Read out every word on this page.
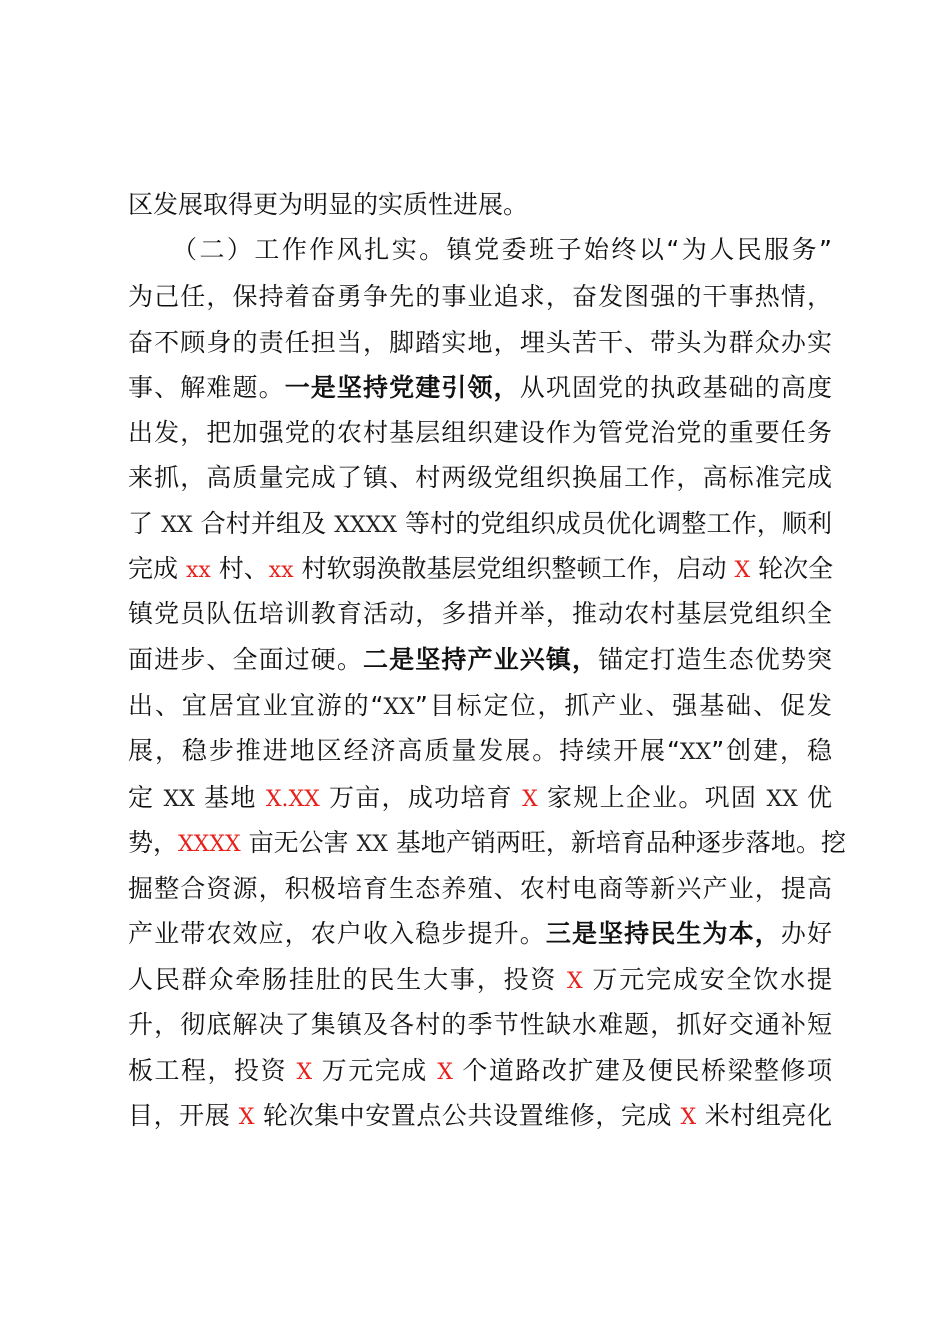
区发展取得更为明显的实质性进展。
（二）工作作风扎实。镇党委班子始终以“为人民服务”
为己任，保持着奋勇争先的事业追求，奋发图强的干事热情，
奋不顾身的责任担当，脚踏实地，埋头苦干、带头为群众办实
事、解难题。一是坚持党建引领，从巩固党的执政基础的高度
出发，把加强党的农村基层组织建设作为管党治党的重要任务
来抓，高质量完成了镇、村两级党组织换届工作，高标准完成
了 XX 合村并组及 XXXX 等村的党组织成员优化调整工作，顺利
完成 xx 村、xx 村软弱涣散基层党组织整顿工作，启动 X 轮次全
镇党员队伍培训教育活动，多措并举，推动农村基层党组织全
面进步、全面过硬。二是坚持产业兴镇，锚定打造生态优势突
出、宜居宜业宜游的“XX”目标定位，抓产业、强基础、促发
展，稳步推进地区经济高质量发展。持续开展“XX”创建，稳
定 XX 基地 X.XX 万亩，成功培育 X 家规上企业。巩固 XX 优
势，XXXX 亩无公害 XX 基地产销两旺，新培育品种逐步落地。挖
掘整合资源，积极培育生态养殖、农村电商等新兴产业，提高
产业带农效应，农户收入稳步提升。三是坚持民生为本，办好
人民群众牵肠挂肚的民生大事，投资 X 万元完成安全饮水提
升，彻底解决了集镇及各村的季节性缺水难题，抓好交通补短
板工程，投资 X 万元完成 X 个道路改扩建及便民桥梁整修项
目，开展 X 轮次集中安置点公共设置维修，完成 X 米村组亮化
